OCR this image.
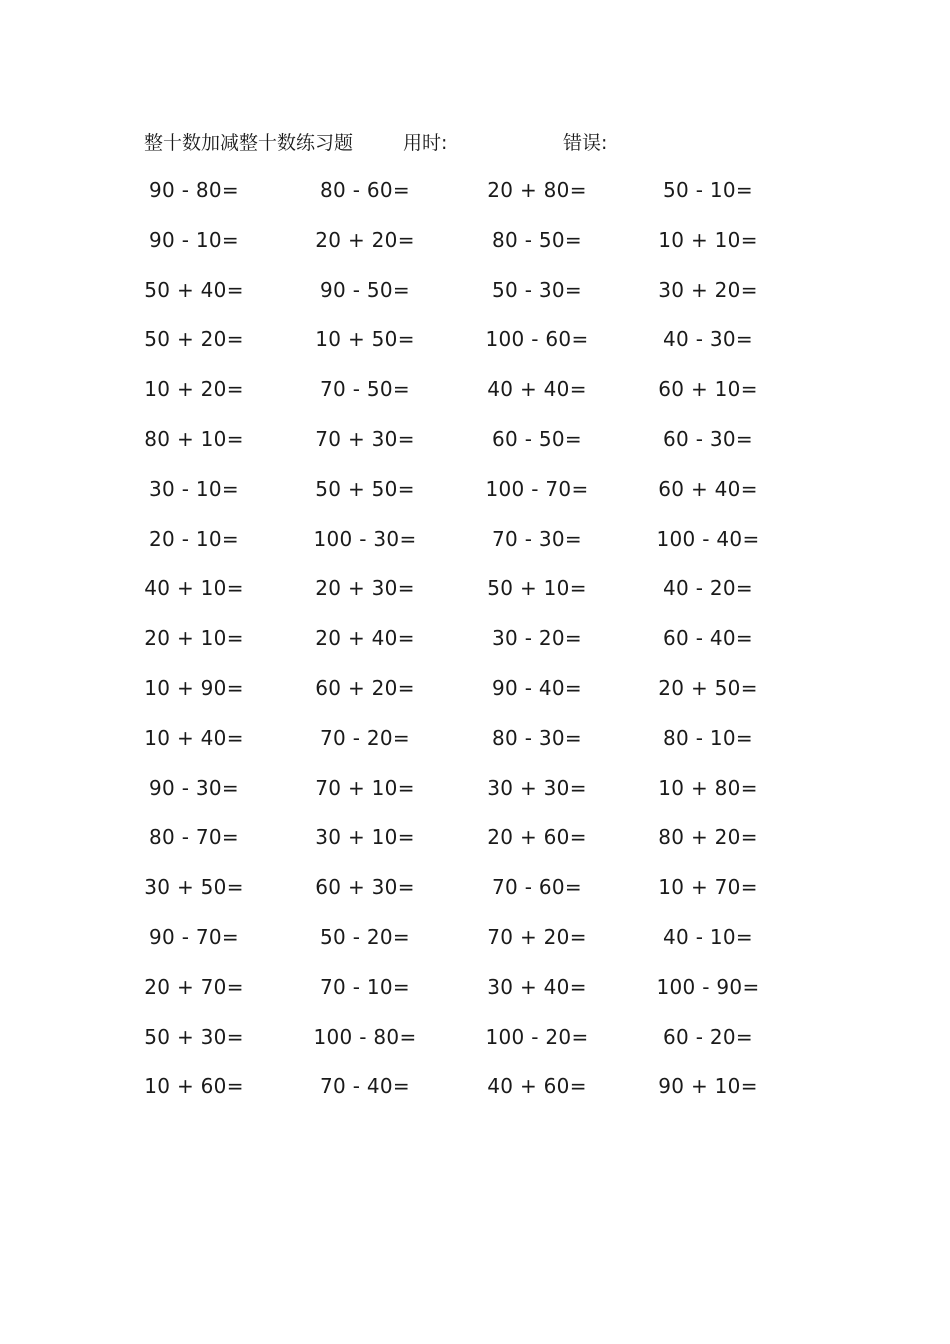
整十数加减整十数练习题	用时:	错误:
90 - 80=	80 - 60=	20 + 80=	50 - 10=
90 - 10=	20 + 20=	80 - 50=	10 + 10=
50 + 40=	90 - 50=	50 - 30=	30 + 20=
50 + 20=	10 + 50=	100 - 60=	40 - 30=
10 + 20=	70 - 50=	40 + 40=	60 + 10=
80 + 10=	70 + 30=	60 - 50=	60 - 30=
30 - 10=	50 + 50=	100 - 70=	60 + 40=
20 - 10=	100 - 30=	70 - 30=	100 - 40=
40 + 10=	20 + 30=	50 + 10=	40 - 20=
20 + 10=	20 + 40=	30 - 20=	60 - 40=
10 + 90=	60 + 20=	90 - 40=	20 + 50=
10 + 40=	70 - 20=	80 - 30=	80 - 10=
90 - 30=	70 + 10=	30 + 30=	10 + 80=
80 - 70=	30 + 10=	20 + 60=	80 + 20=
30 + 50=	60 + 30=	70 - 60=	10 + 70=
90 - 70=	50 - 20=	70 + 20=	40 - 10=
20 + 70=	70 - 10=	30 + 40=	100 - 90=
50 + 30=	100 - 80=	100 - 20=	60 - 20=
10 + 60=	70 - 40=	40 + 60=	90 + 10=
